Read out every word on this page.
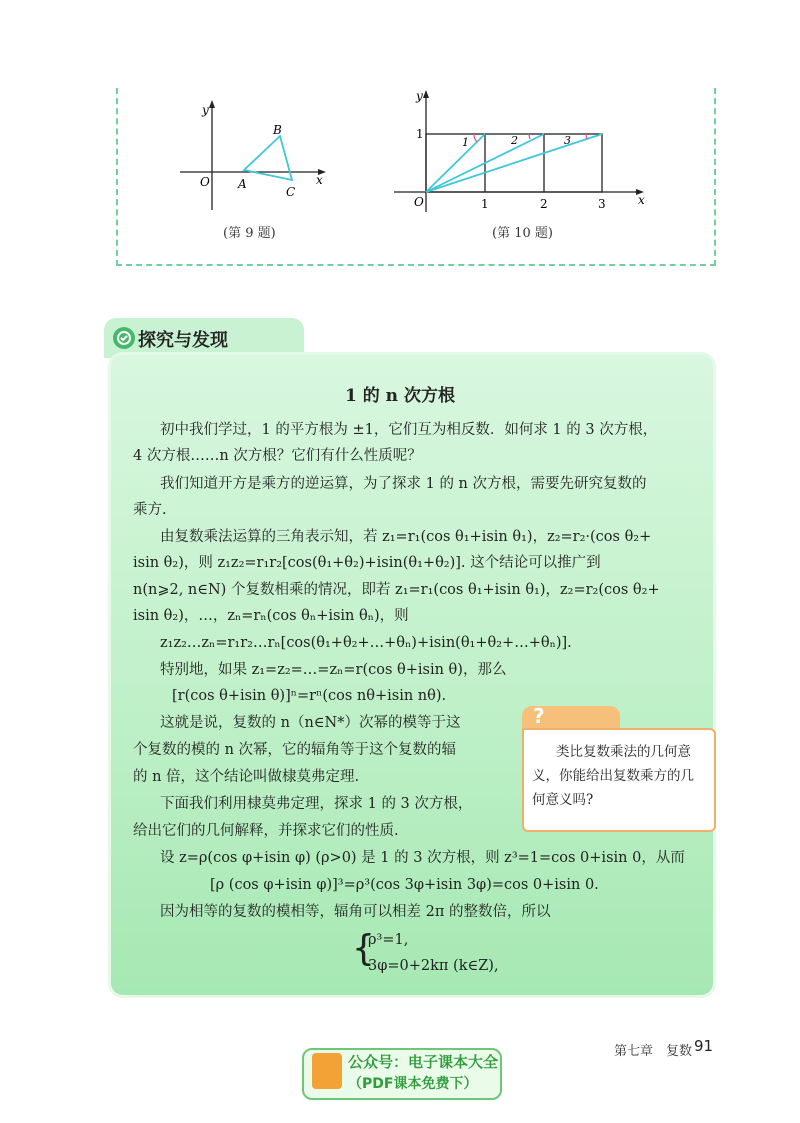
y
x
O A
B
C
(第 9 题)
y
x
O
1
1	2	3
1	2	3
(第 10 题)
探究与发现
1 的 n 次方根
初中我们学过，1 的平方根为 ±1，它们互为相反数．如何求 1 的 3 次方根，
4 次方根……n 次方根？它们有什么性质呢？
我们知道开方是乘方的逆运算，为了探求 1 的 n 次方根，需要先研究复数的
乘方.
由复数乘法运算的三角表示知，若 z₁=r₁(cos θ₁+isin θ₁)，z₂=r₂·(cos θ₂+
isin θ₂)，则 z₁z₂=r₁r₂[cos(θ₁+θ₂)+isin(θ₁+θ₂)]. 这个结论可以推广到
n(n⩾2, n∈N) 个复数相乘的情况，即若 z₁=r₁(cos θ₁+isin θ₁)，z₂=r₂(cos θ₂+
isin θ₂)，…，zₙ=rₙ(cos θₙ+isin θₙ)，则
z₁z₂…zₙ=r₁r₂…rₙ[cos(θ₁+θ₂+…+θₙ)+isin(θ₁+θ₂+…+θₙ)].
特别地，如果 z₁=z₂=…=zₙ=r(cos θ+isin θ)，那么
[r(cos θ+isin θ)]ⁿ=rⁿ(cos nθ+isin nθ).
这就是说，复数的 n（n∈N*）次幂的模等于这
个复数的模的 n 次幂，它的辐角等于这个复数的辐
的 n 倍，这个结论叫做棣莫弗定理.
下面我们利用棣莫弗定理，探求 1 的 3 次方根，
给出它们的几何解释，并探求它们的性质.
设 z=ρ(cos φ+isin φ) (ρ>0) 是 1 的 3 次方根，则 z³=1=cos 0+isin 0，从而
[ρ (cos φ+isin φ)]³=ρ³(cos 3φ+isin 3φ)=cos 0+isin 0.
因为相等的复数的模相等，辐角可以相差 2π 的整数倍，所以
{
ρ³=1,
3φ=0+2kπ (k∈Z),
?
类比复数乘法的几何意
义，你能给出复数乘方的几
何意义吗?
第七章　复数 91
公众号：电子课本大全
（PDF课本免费下）
